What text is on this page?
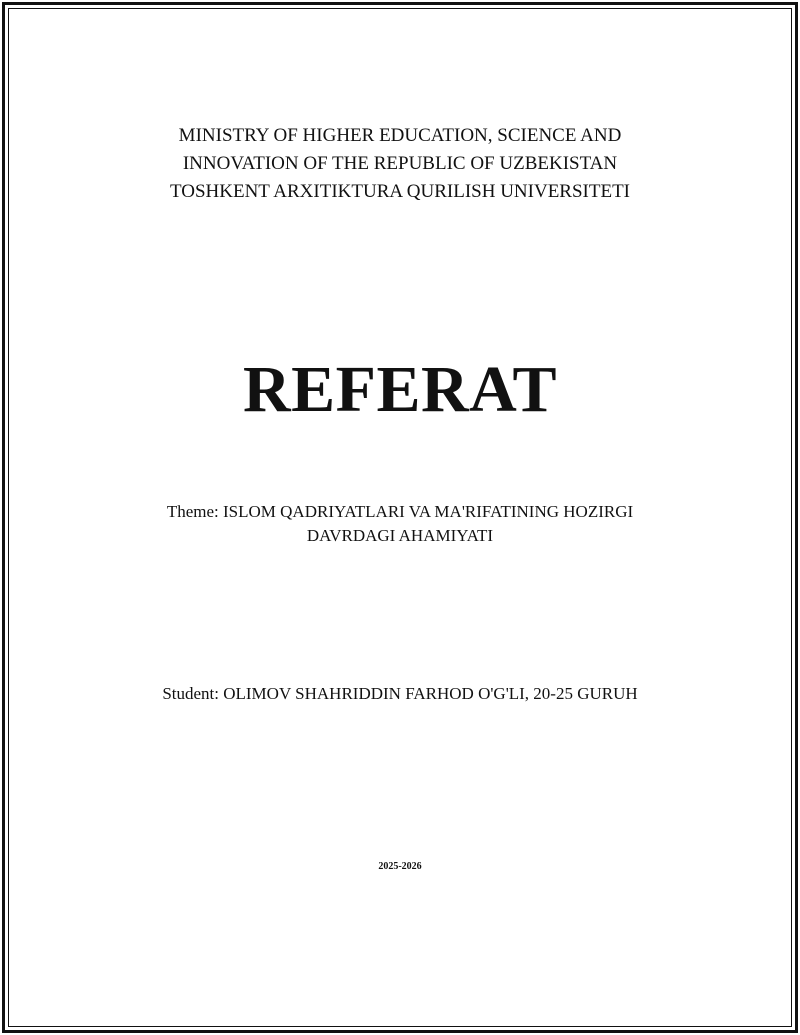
MINISTRY OF HIGHER EDUCATION, SCIENCE AND
INNOVATION OF THE REPUBLIC OF UZBEKISTAN
TOSHKENT ARXITIKTURA QURILISH UNIVERSITETI
REFERAT
Theme: ISLOM QADRIYATLARI VA MA'RIFATINING HOZIRGI
DAVRDAGI AHAMIYATI
Student: OLIMOV SHAHRIDDIN FARHOD O'G'LI, 20-25 GURUH
2025-2026
